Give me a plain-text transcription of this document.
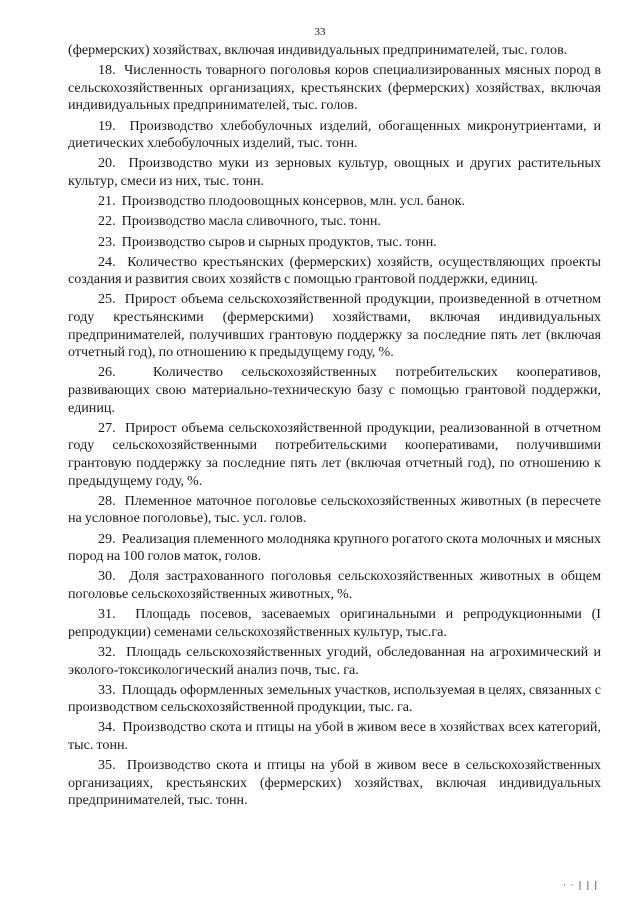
33

(фермерских) хозяйствах, включая индивидуальных предпринимателей, тыс. голов.

18. Численность товарного поголовья коров специализированных мясных пород в сельскохозяйственных организациях, крестьянских (фермерских) хозяйствах, включая индивидуальных предпринимателей, тыс. голов.

19. Производство хлебобулочных изделий, обогащенных микронутриентами, и диетических хлебобулочных изделий, тыс. тонн.

20. Производство муки из зерновых культур, овощных и других растительных культур, смеси из них, тыс. тонн.

21. Производство плодоовощных консервов, млн. усл. банок.

22. Производство масла сливочного, тыс. тонн.

23. Производство сыров и сырных продуктов, тыс. тонн.

24. Количество крестьянских (фермерских) хозяйств, осуществляющих проекты создания и развития своих хозяйств с помощью грантовой поддержки, единиц.

25. Прирост объема сельскохозяйственной продукции, произведенной в отчетном году крестьянскими (фермерскими) хозяйствами, включая индивидуальных предпринимателей, получивших грантовую поддержку за последние пять лет (включая отчетный год), по отношению к предыдущему году, %.

26.	Количество сельскохозяйственных потребительских кооперативов, развивающих свою материально-техническую базу с помощью грантовой поддержки, единиц.

27. Прирост объема сельскохозяйственной продукции, реализованной в отчетном году сельскохозяйственными потребительскими кооперативами, получившими грантовую поддержку за последние пять лет (включая отчетный год), по отношению к предыдущему году, %.

28. Племенное маточное поголовье сельскохозяйственных животных (в пересчете на условное поголовье), тыс. усл. голов.

29. Реализация племенного молодняка крупного рогатого скота молочных и мясных пород на 100 голов маток, голов.

30. Доля застрахованного поголовья сельскохозяйственных животных в общем поголовье сельскохозяйственных животных, %.

31. Площадь посевов, засеваемых оригинальными и репродукционными (I репродукции) семенами сельскохозяйственных культур, тыс.га.

32. Площадь сельскохозяйственных угодий, обследованная на агрохимический и эколого-токсикологический анализ почв, тыс. га.

33. Площадь оформленных земельных участков, используемая в целях, связанных с производством сельскохозяйственной продукции, тыс. га.

34. Производство скота и птицы на убой в живом весе в хозяйствах всех категорий, тыс. тонн.

35. Производство скота и птицы на убой в живом весе в сельскохозяйственных организациях, крестьянских (фермерских) хозяйствах, включая индивидуальных предпринимателей, тыс. тонн.

· · | | |
